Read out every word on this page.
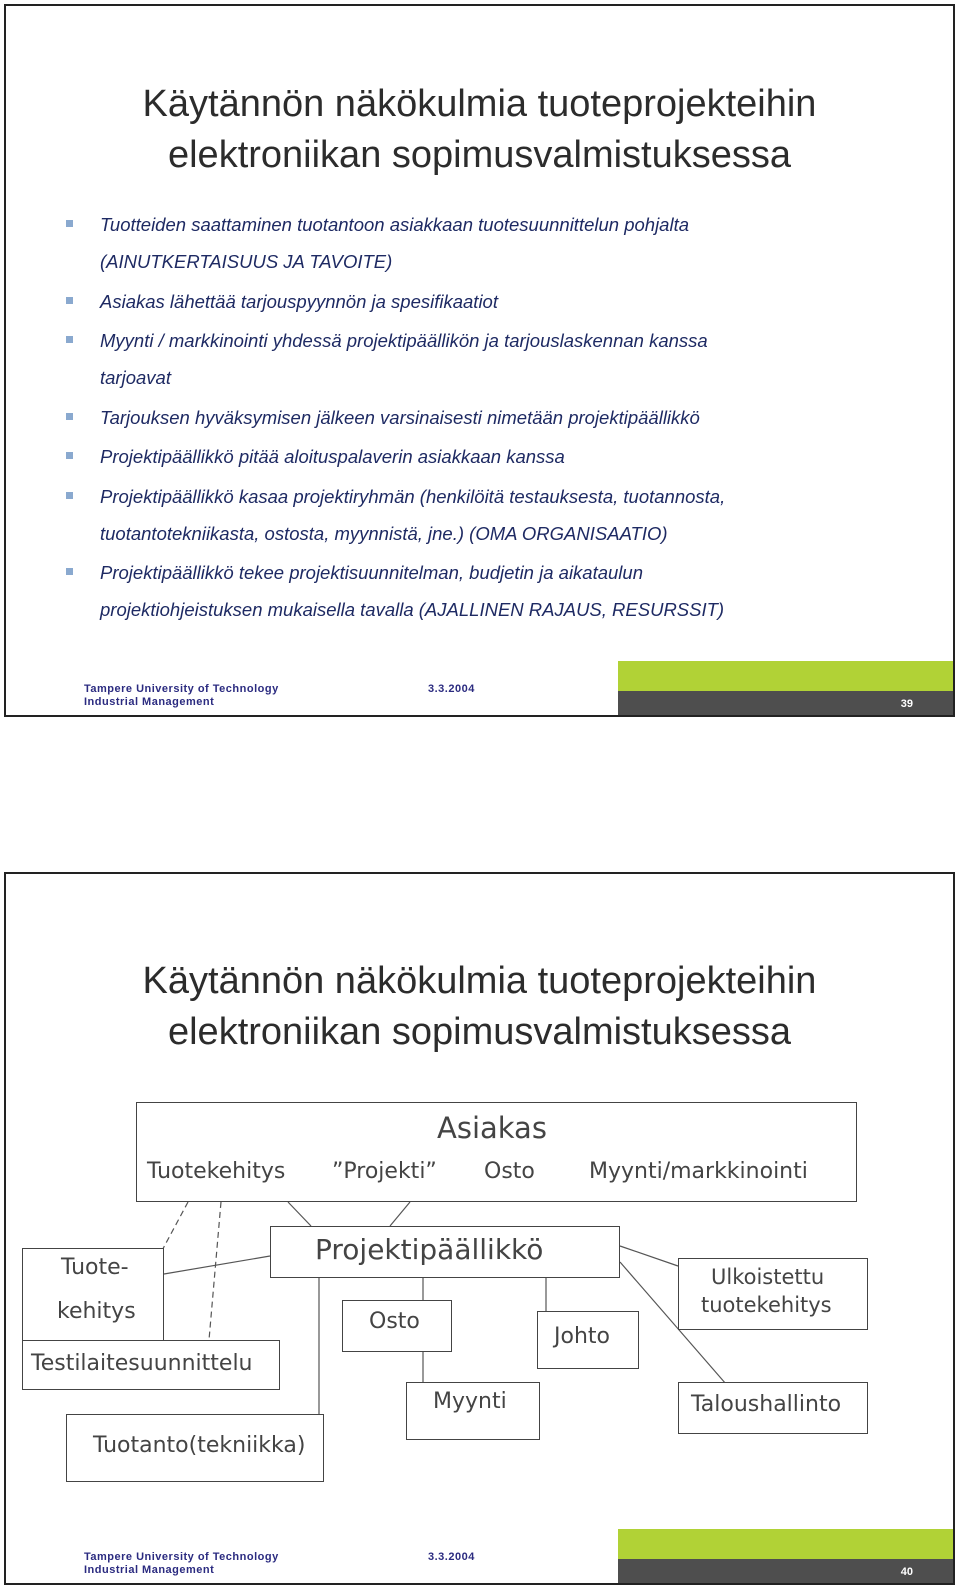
Käytännön näkökulmia tuoteprojekteihin
elektroniikan sopimusvalmistuksessa
Tuotteiden saattaminen tuotantoon asiakkaan tuotesuunnittelun pohjalta
(AINUTKERTAISUUS JA TAVOITE)
Asiakas lähettää tarjouspyynnön ja spesifikaatiot
Myynti / markkinointi yhdessä projektipäällikön ja tarjouslaskennan kanssa
tarjoavat
Tarjouksen hyväksymisen jälkeen varsinaisesti nimetään projektipäällikkö
Projektipäällikkö pitää aloituspalaverin asiakkaan kanssa
Projektipäällikkö kasaa projektiryhmän (henkilöitä testauksesta, tuotannosta,
tuotantotekniikasta, ostosta, myynnistä, jne.) (OMA ORGANISAATIO)
Projektipäällikkö tekee projektisuunnitelman, budjetin ja aikataulun
projektiohjeistuksen mukaisella tavalla (AJALLINEN RAJAUS, RESURSSIT)
Tampere University of Technology
Industrial Management
3.3.2004
39
Käytännön näkökulmia tuoteprojekteihin
elektroniikan sopimusvalmistuksessa
Asiakas
Tuotekehitys ”Projekti” Osto Myynti/markkinointi
Projektipäällikkö
Tuote-
kehitys
Testilaitesuunnittelu
Tuotanto(tekniikka)
Osto
Johto
Myynti
Ulkoistettu
tuotekehitys
Taloushallinto
Tampere University of Technology
Industrial Management
3.3.2004
40
